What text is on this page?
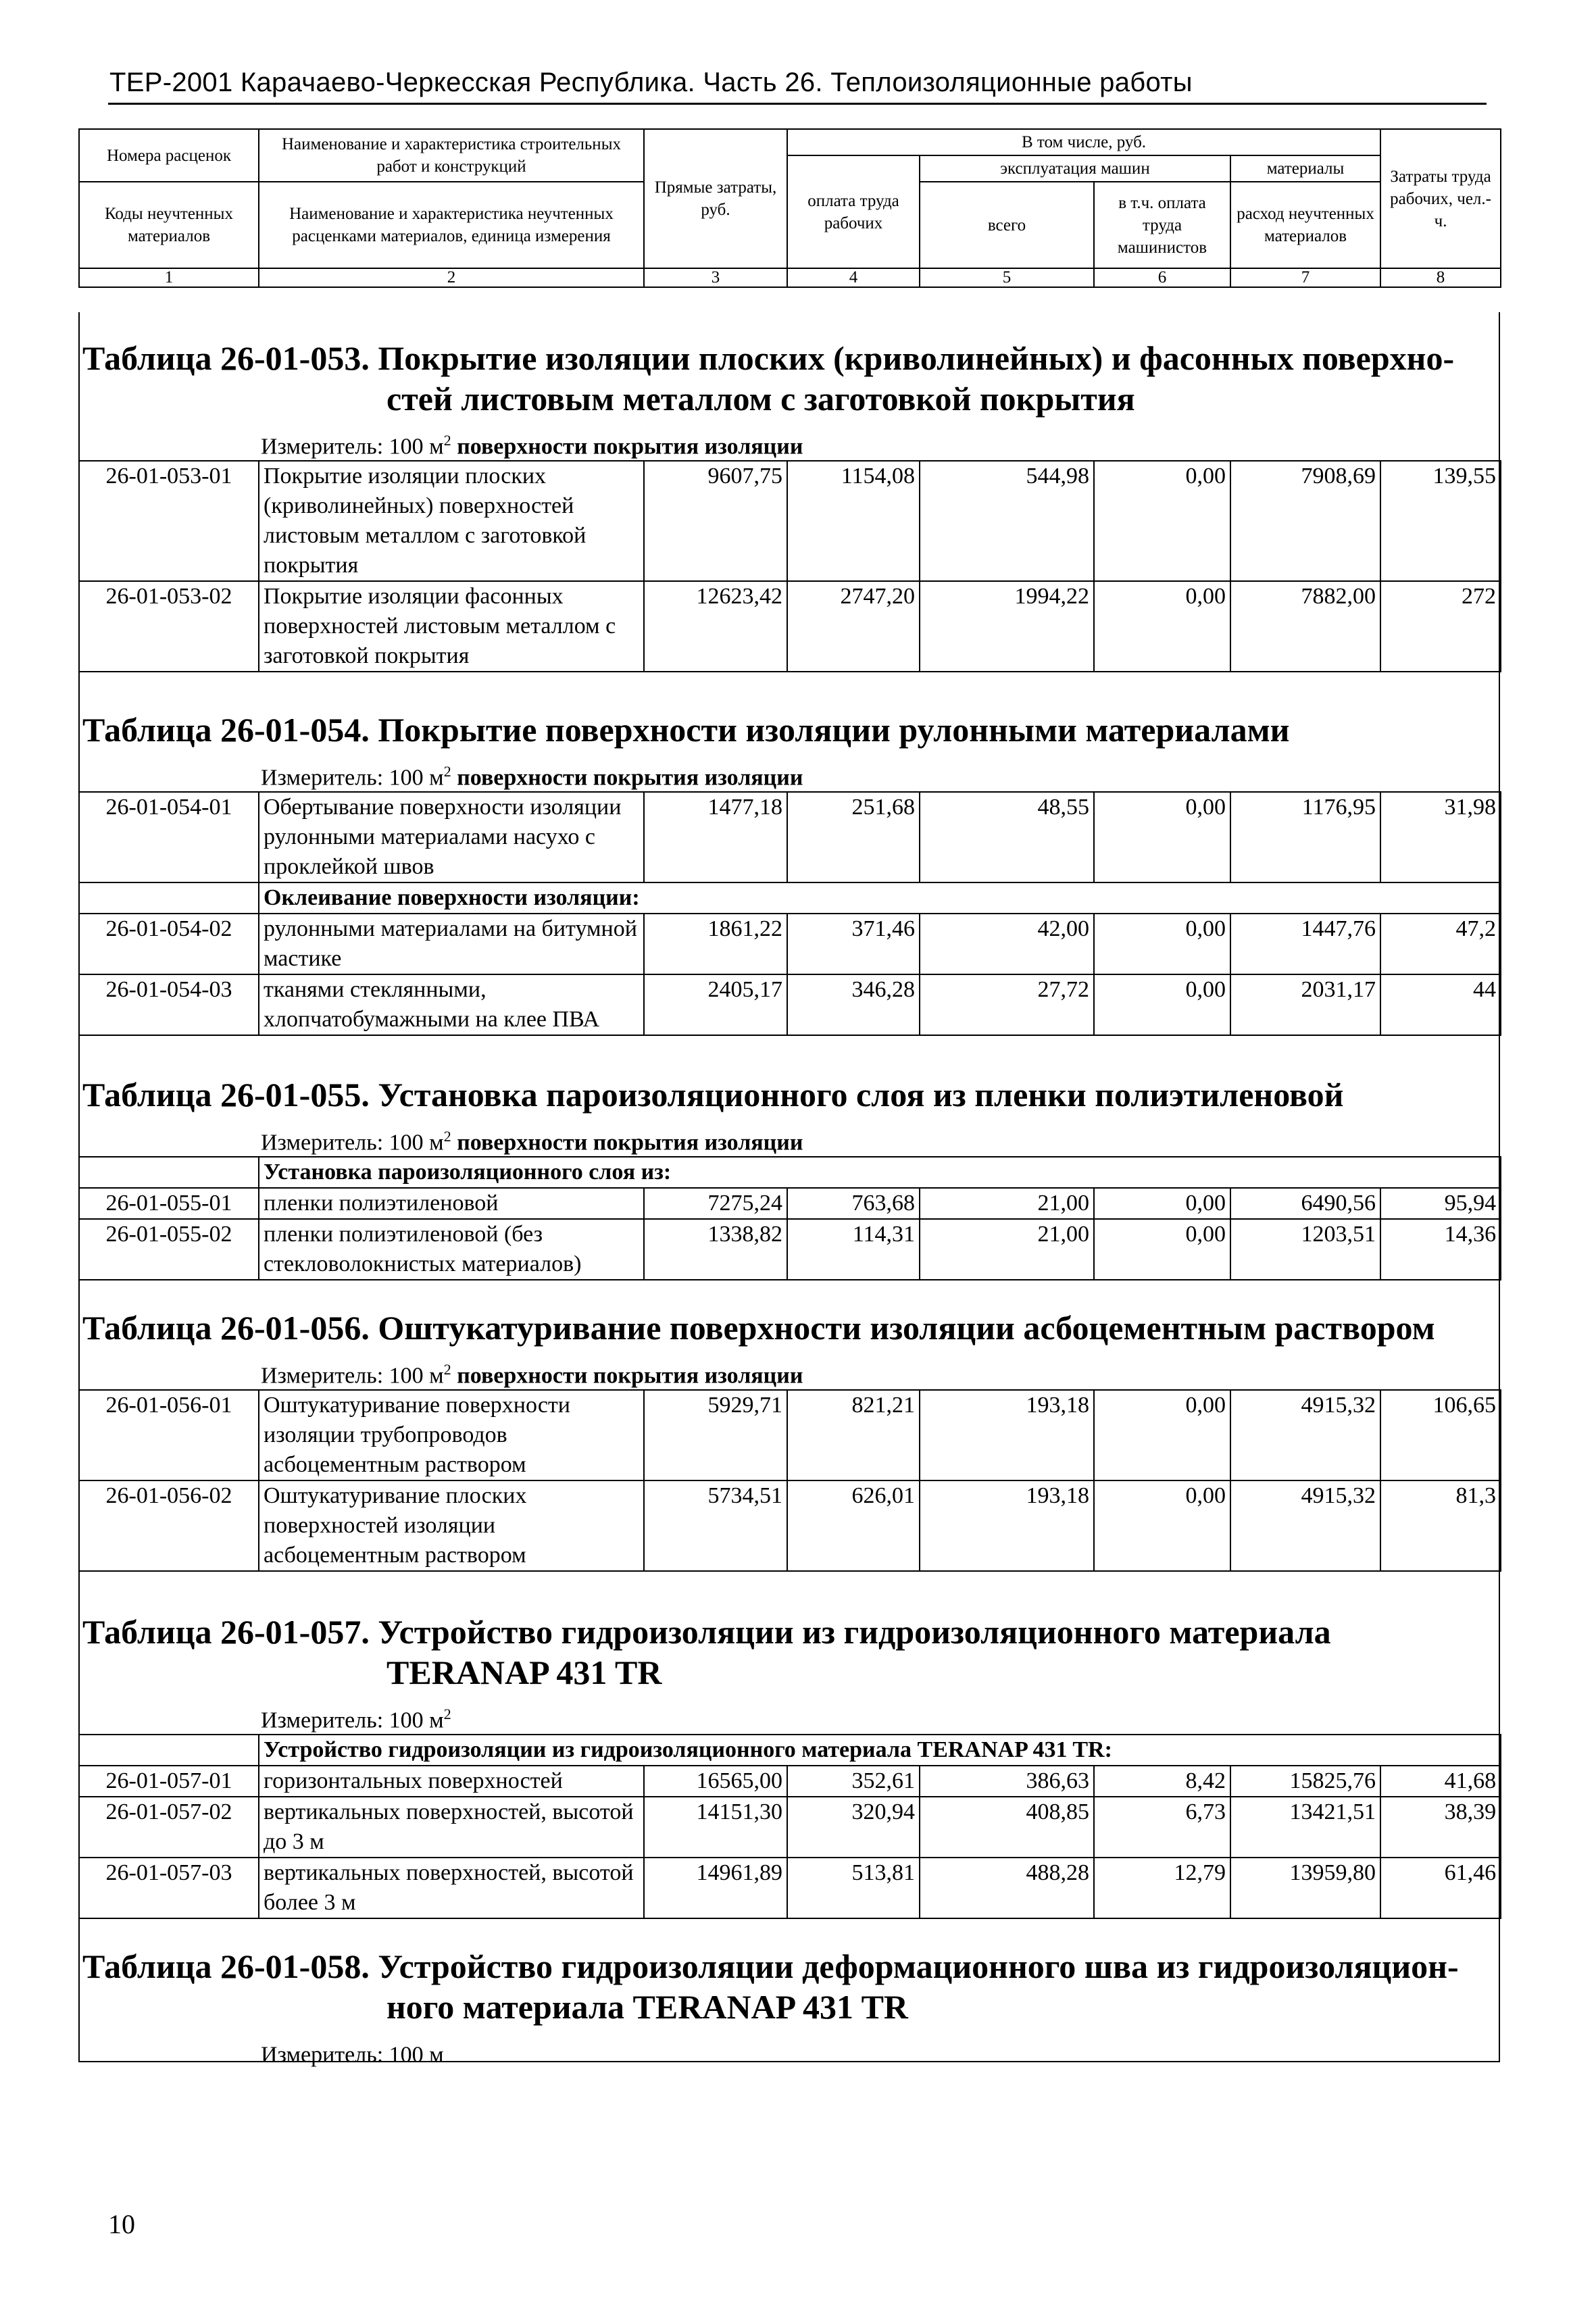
ТЕР-2001 Карачаево-Черкесская Республика. Часть 26. Теплоизоляционные работы
Номера расценок	Наименование и характеристика строительных работ и конструкций	Прямые затраты, руб.	В том числе, руб.				Затраты труда рабочих, чел.-ч.
			оплата труда рабочих	эксплуатация машин		материалы	
Коды неучтенных материалов	Наименование и характеристика неучтенных расценками материалов, единица измерения			всего	в т.ч. оплата труда машинистов	расход неучтенных материалов	

1	2	3	4	5	6	7	8
Таблица 26-01-053. Покрытие изоляции плоских (криволинейных) и фасонных поверхно-
стей листовым металлом с заготовкой покрытия
Измеритель: 100 $м^2$ поверхности покрытия изоляции
26-01-053-01	Покрытие изоляции плоских (криволинейных) поверхностей листовым металлом с заготовкой покрытия	9607,75	1154,08	544,98	0,00	7908,69	139,55
26-01-053-02	Покрытие изоляции фасонных поверхностей листовым металлом с заготовкой покрытия	12623,42	2747,20	1994,22	0,00	7882,00	272
Таблица 26-01-054. Покрытие поверхности изоляции рулонными материалами
Измеритель: 100 $м^2$ поверхности покрытия изоляции
26-01-054-01	Обертывание поверхности изоляции рулонными материалами насухо с проклейкой швов	1477,18	251,68	48,55	0,00	1176,95	31,98
	Оклеивание поверхности изоляции:						
26-01-054-02	рулонными материалами на битумной мастике	1861,22	371,46	42,00	0,00	1447,76	47,2
26-01-054-03	тканями стеклянными, хлопчатобумажными на клее ПВА	2405,17	346,28	27,72	0,00	2031,17	44
Таблица 26-01-055. Установка пароизоляционного слоя из пленки полиэтиленовой
Измеритель: 100 $м^2$ поверхности покрытия изоляции
	Установка пароизоляционного слоя из:						
26-01-055-01	пленки полиэтиленовой	7275,24	763,68	21,00	0,00	6490,56	95,94
26-01-055-02	пленки полиэтиленовой (без стекловолокнистых материалов)	1338,82	114,31	21,00	0,00	1203,51	14,36
Таблица 26-01-056. Оштукатуривание поверхности изоляции асбоцементным раствором
Измеритель: 100 $м^2$ поверхности покрытия изоляции
26-01-056-01	Оштукатуривание поверхности изоляции трубопроводов асбоцементным раствором	5929,71	821,21	193,18	0,00	4915,32	106,65
26-01-056-02	Оштукатуривание плоских поверхностей изоляции асбоцементным раствором	5734,51	626,01	193,18	0,00	4915,32	81,3
Таблица 26-01-057. Устройство гидроизоляции из гидроизоляционного материала
TERANAP 431 TR
Измеритель: 100 $м^2$
	Устройство гидроизоляции из гидроизоляционного материала TERANAP 431 TR:						
26-01-057-01	горизонтальных поверхностей	16565,00	352,61	386,63	8,42	15825,76	41,68
26-01-057-02	вертикальных поверхностей, высотой до 3 м	14151,30	320,94	408,85	6,73	13421,51	38,39
26-01-057-03	вертикальных поверхностей, высотой более 3 м	14961,89	513,81	488,28	12,79	13959,80	61,46
Таблица 26-01-058. Устройство гидроизоляции деформационного шва из гидроизоляцион-
ного материала TERANAP 431 TR
Измеритель: 100 м
10
